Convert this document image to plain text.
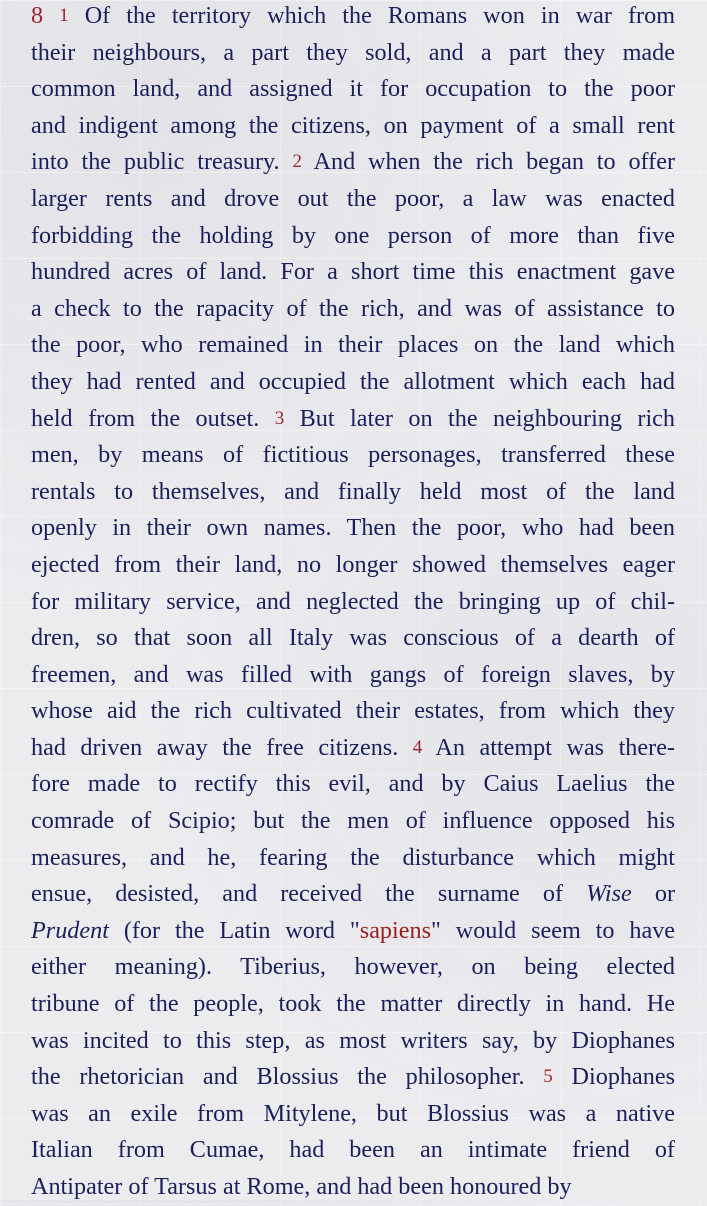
8 1 Of the territory which the Romans won in war from
their neighbours, a part they sold, and a part they made
common land, and assigned it for occupation to the poor
and indigent among the citizens, on payment of a small rent
into the public treasury. 2 And when the rich began to offer
larger rents and drove out the poor, a law was enacted
forbidding the holding by one person of more than five
hundred acres of land. For a short time this enactment gave
a check to the rapacity of the rich, and was of assistance to
the poor, who remained in their places on the land which
they had rented and occupied the allotment which each had
held from the outset. 3 But later on the neighbouring rich
men, by means of fictitious personages, transferred these
rentals to themselves, and finally held most of the land
openly in their own names. Then the poor, who had been
ejected from their land, no longer showed themselves eager
for military service, and neglected the bringing up of chil-
dren, so that soon all Italy was conscious of a dearth of
freemen, and was filled with gangs of foreign slaves, by
whose aid the rich cultivated their estates, from which they
had driven away the free citizens. 4 An attempt was there-
fore made to rectify this evil, and by Caius Laelius the
comrade of Scipio; but the men of influence opposed his
measures, and he, fearing the disturbance which might
ensue, desisted, and received the surname of Wise or
Prudent (for the Latin word "sapiens" would seem to have
either meaning). Tiberius, however, on being elected
tribune of the people, took the matter directly in hand. He
was incited to this step, as most writers say, by Diophanes
the rhetorician and Blossius the philosopher. 5 Diophanes
was an exile from Mitylene, but Blossius was a native
Italian from Cumae, had been an intimate friend of
Antipater of Tarsus at Rome, and had been honoured by
